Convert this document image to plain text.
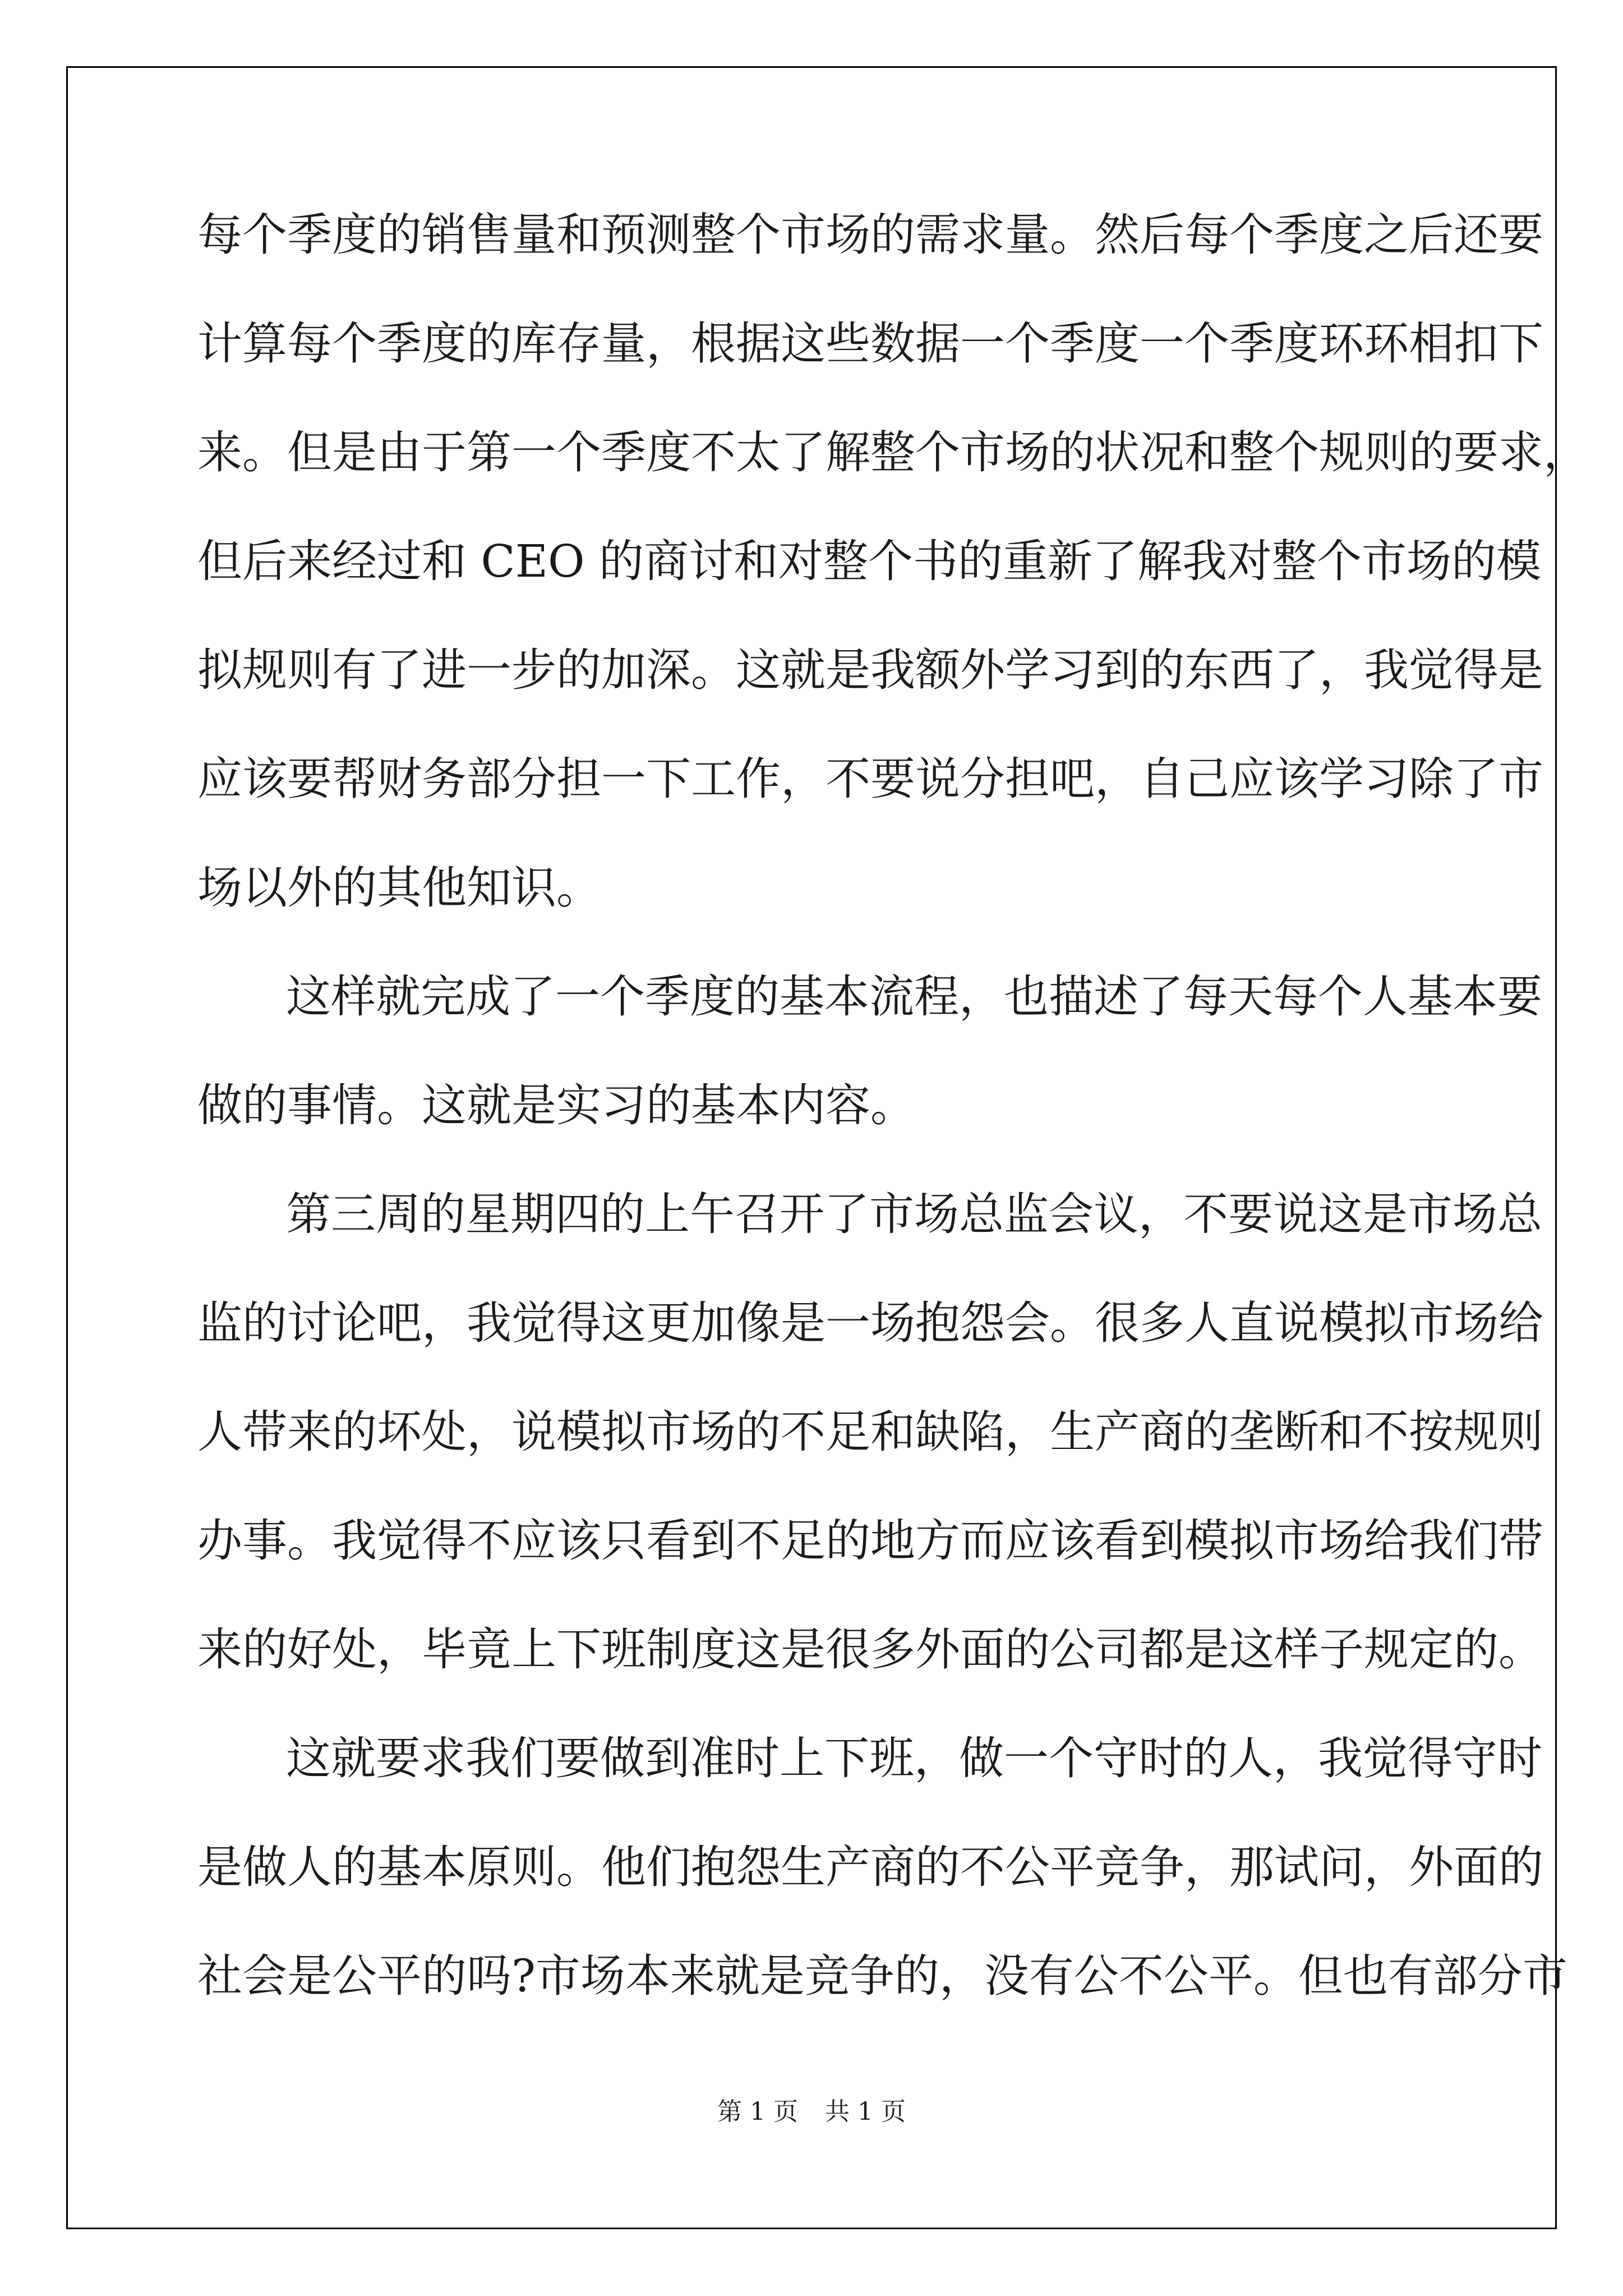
每个季度的销售量和预测整个市场的需求量。然后每个季度之后还要
计算每个季度的库存量，根据这些数据一个季度一个季度环环相扣下
来。但是由于第一个季度不太了解整个市场的状况和整个规则的要求，
但后来经过和 CEO 的商讨和对整个书的重新了解我对整个市场的模
拟规则有了进一步的加深。这就是我额外学习到的东西了，我觉得是
应该要帮财务部分担一下工作，不要说分担吧，自己应该学习除了市
场以外的其他知识。
这样就完成了一个季度的基本流程，也描述了每天每个人基本要
做的事情。这就是实习的基本内容。
第三周的星期四的上午召开了市场总监会议，不要说这是市场总
监的讨论吧，我觉得这更加像是一场抱怨会。很多人直说模拟市场给
人带来的坏处，说模拟市场的不足和缺陷，生产商的垄断和不按规则
办事。我觉得不应该只看到不足的地方而应该看到模拟市场给我们带
来的好处，毕竟上下班制度这是很多外面的公司都是这样子规定的。
这就要求我们要做到准时上下班，做一个守时的人，我觉得守时
是做人的基本原则。他们抱怨生产商的不公平竞争，那试问，外面的
社会是公平的吗?市场本来就是竞争的，没有公不公平。但也有部分市
第 1 页 共 1 页
